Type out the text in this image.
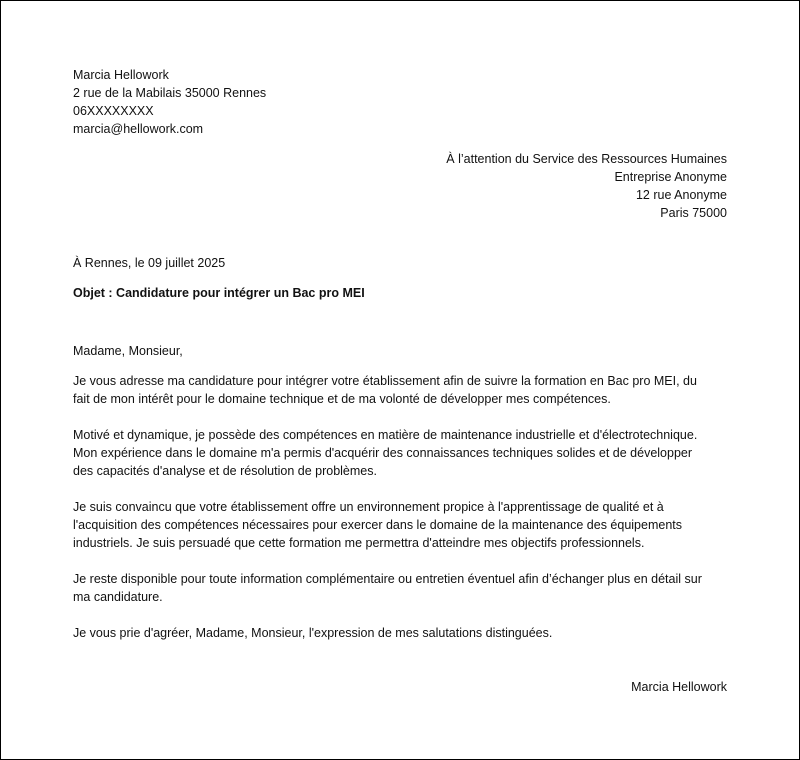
Marcia Hellowork
2 rue de la Mabilais 35000 Rennes
06XXXXXXXX
marcia@hellowork.com
À l’attention du Service des Ressources Humaines
Entreprise Anonyme
12 rue Anonyme
Paris 75000
À Rennes, le 09 juillet 2025
Objet : Candidature pour intégrer un Bac pro MEI
Madame, Monsieur,

Je vous adresse ma candidature pour intégrer votre établissement afin de suivre la formation en Bac pro MEI, du
fait de mon intérêt pour le domaine technique et de ma volonté de développer mes compétences.

Motivé et dynamique, je possède des compétences en matière de maintenance industrielle et d'électrotechnique.
Mon expérience dans le domaine m'a permis d'acquérir des connaissances techniques solides et de développer
des capacités d'analyse et de résolution de problèmes.

Je suis convaincu que votre établissement offre un environnement propice à l'apprentissage de qualité et à
l'acquisition des compétences nécessaires pour exercer dans le domaine de la maintenance des équipements
industriels. Je suis persuadé que cette formation me permettra d'atteindre mes objectifs professionnels.

Je reste disponible pour toute information complémentaire ou entretien éventuel afin d’échanger plus en détail sur
ma candidature.

Je vous prie d'agréer, Madame, Monsieur, l'expression de mes salutations distinguées.

Marcia Hellowork
